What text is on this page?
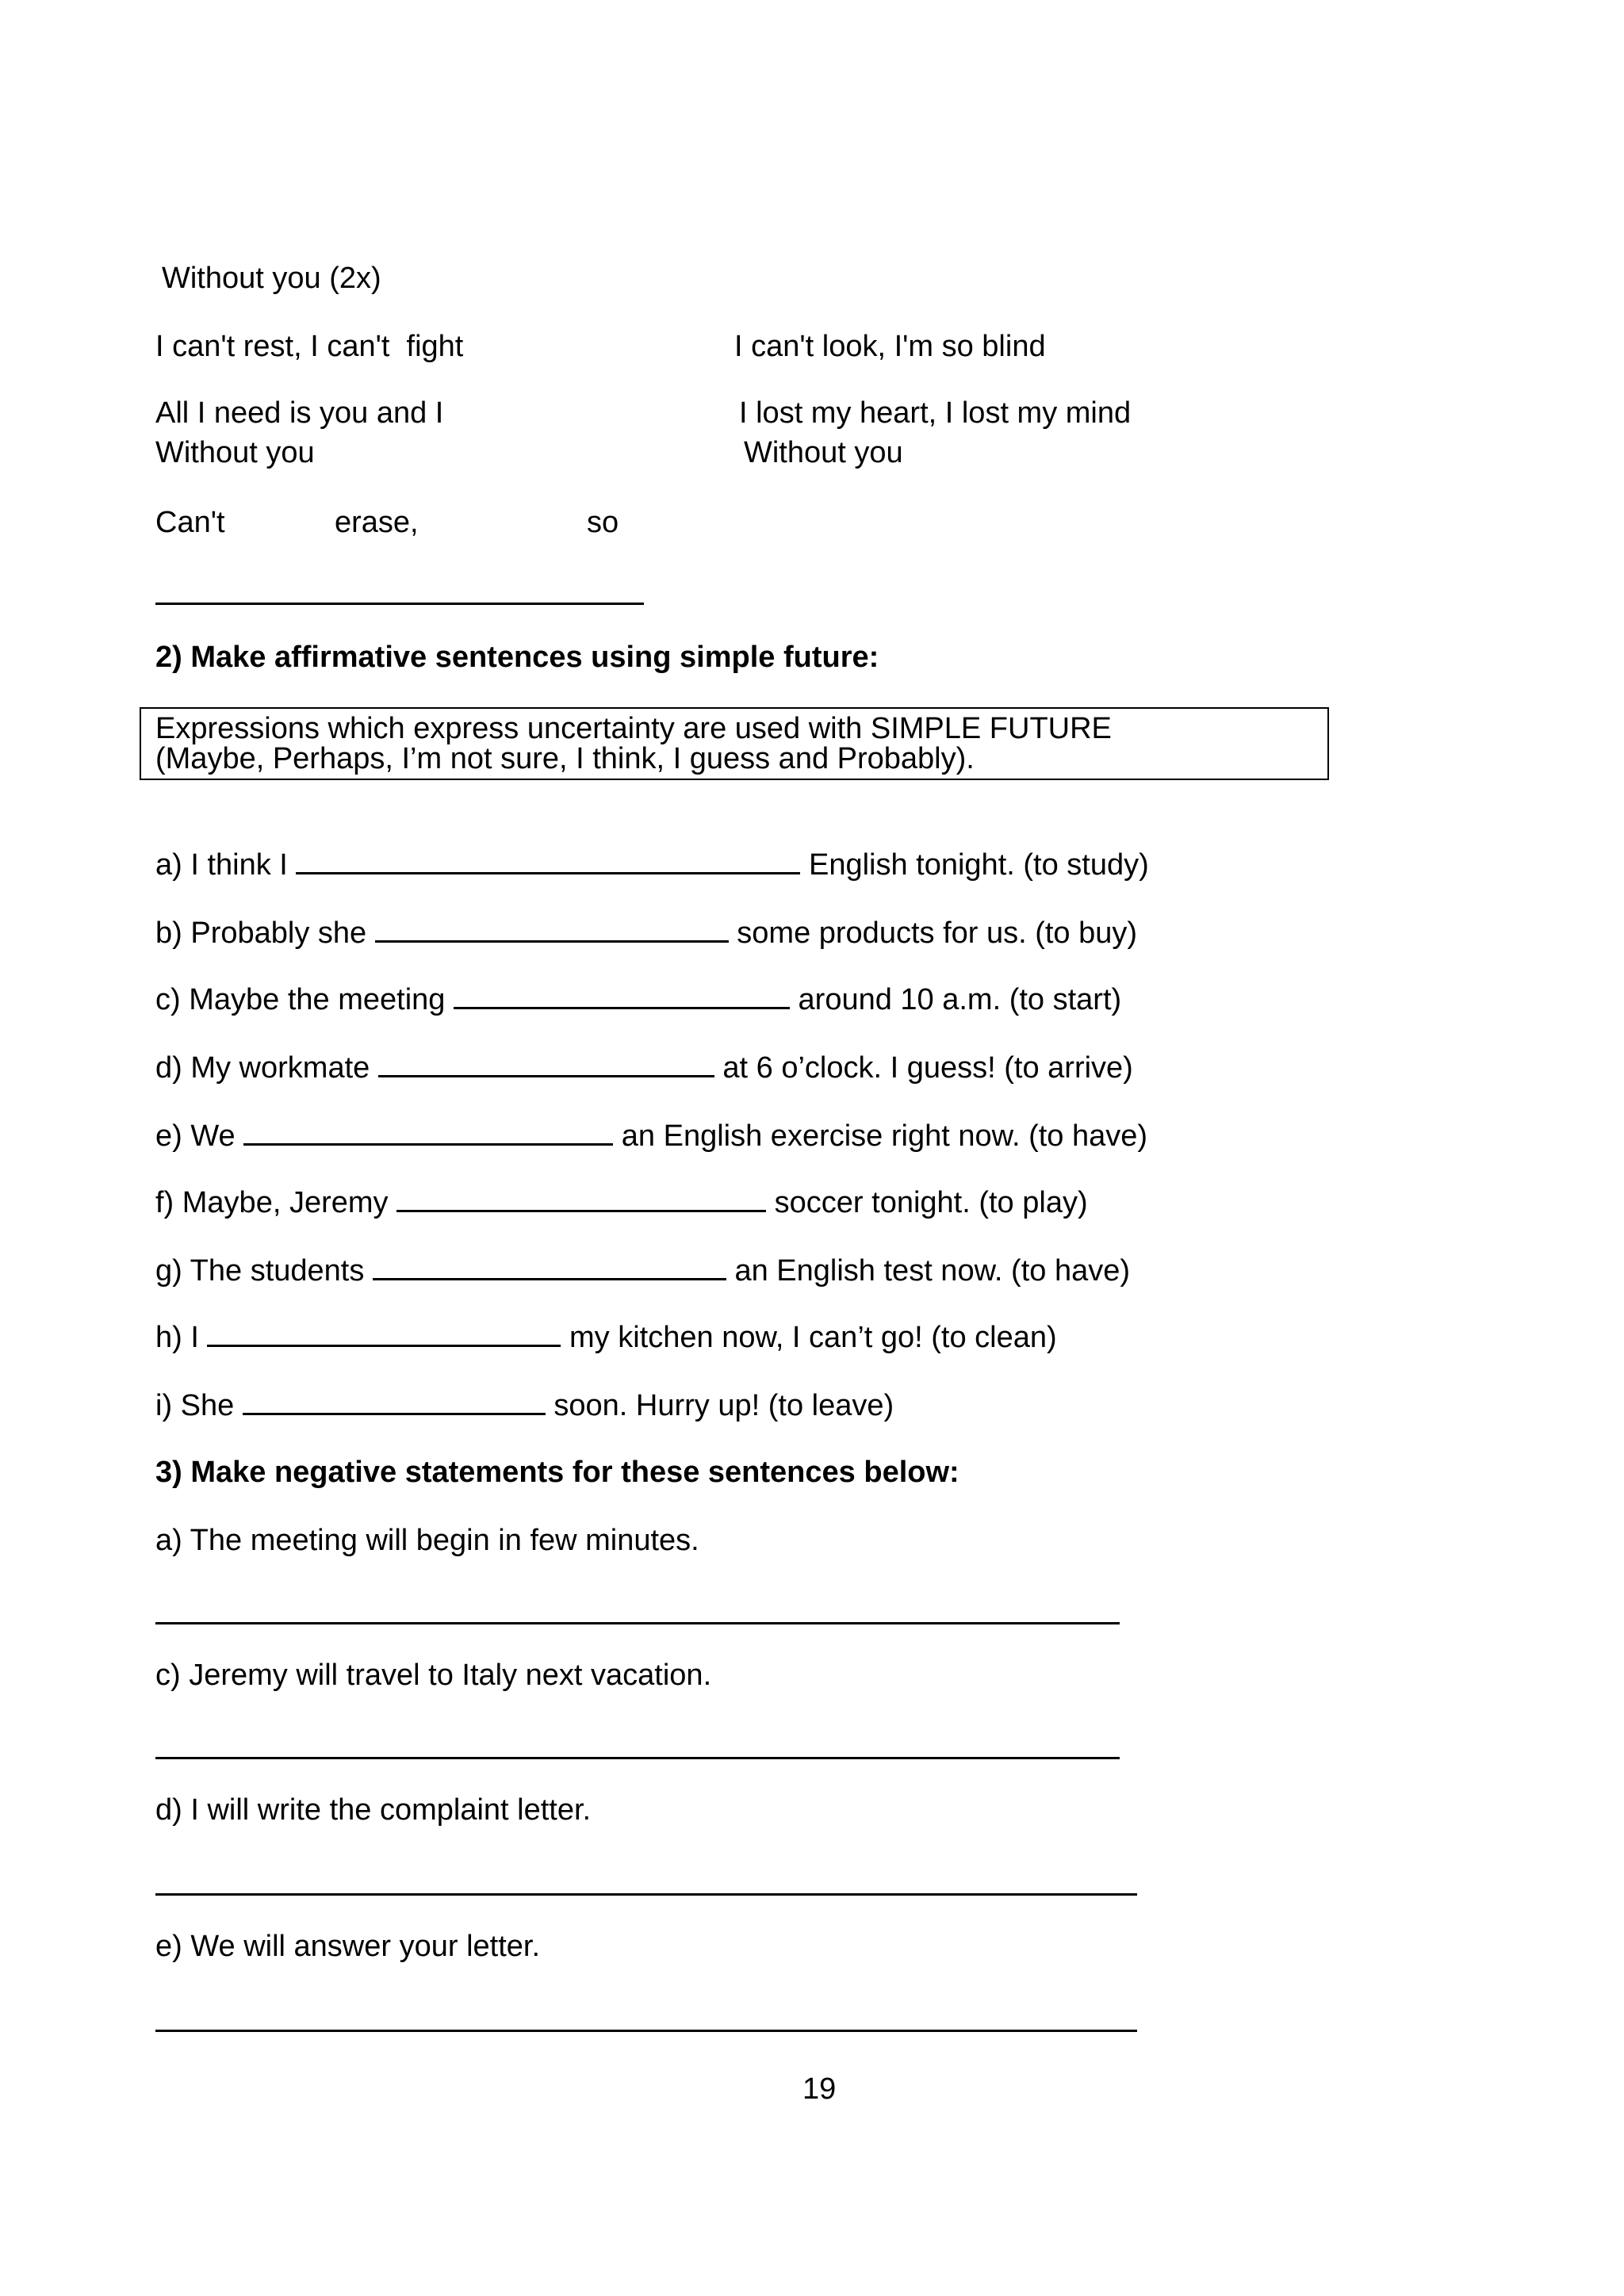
Without you (2x)
I can't rest, I can't  fight	I can't look, I'm so blind
All I need is you and I	I lost my heart, I lost my mind
Without you	Without you
Can't	erase,	so
2) Make affirmative sentences using simple future:
Expressions which express uncertainty are used with SIMPLE FUTURE
(Maybe, Perhaps, I’m not sure, I think, I guess and Probably).
a) I think I	English tonight. (to study)
b) Probably she	some products for us. (to buy)
c) Maybe the meeting	around 10 a.m. (to start)
d) My workmate	at 6 o’clock. I guess! (to arrive)
e) We	an English exercise right now. (to have)
f) Maybe, Jeremy	soccer tonight. (to play)
g) The students	an English test now. (to have)
h) I	my kitchen now, I can’t go! (to clean)
i) She	soon. Hurry up! (to leave)
3) Make negative statements for these sentences below:
a) The meeting will begin in few minutes.
c) Jeremy will travel to Italy next vacation.
d) I will write the complaint letter.
e) We will answer your letter.
19
